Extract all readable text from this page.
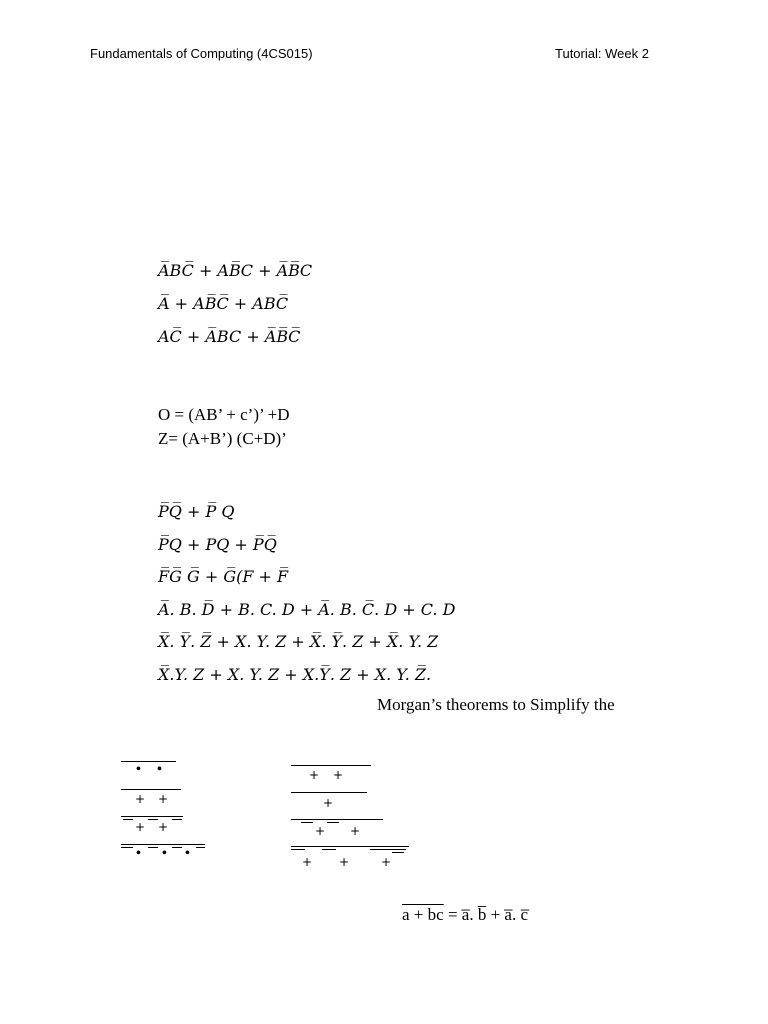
Fundamentals of Computing (4CS015)	Tutorial: Week 2
A̅BC̅ + AB̅C + A̅B̅C
A̅ + AB̅C̅ + ABC̅
AC̅ + A̅BC + A̅B̅C̅
O = (AB’ + c’)’ +D
Z= (A+B’) (C+D)’
P̅Q̅ + P̅ Q
P̅Q + PQ + P̅Q̅
F̅G̅ G̅ + G̅(F + F̅
A̅. B. D̅ + B. C. D + A̅. B. C̅. D + C. D
X̅. Y̅. Z̅ + X. Y. Z + X̅. Y̅. Z + X̅. Y. Z
X̅.Y. Z + X. Y. Z + X.Y̅. Z + X. Y. Z̅.
Morgan’s theorems to Simplify the
• •
+ +
+ +
• • •
+ +
+
+ +
+ +	+
a + bc = a̅. b̅ + a̅. c̅
